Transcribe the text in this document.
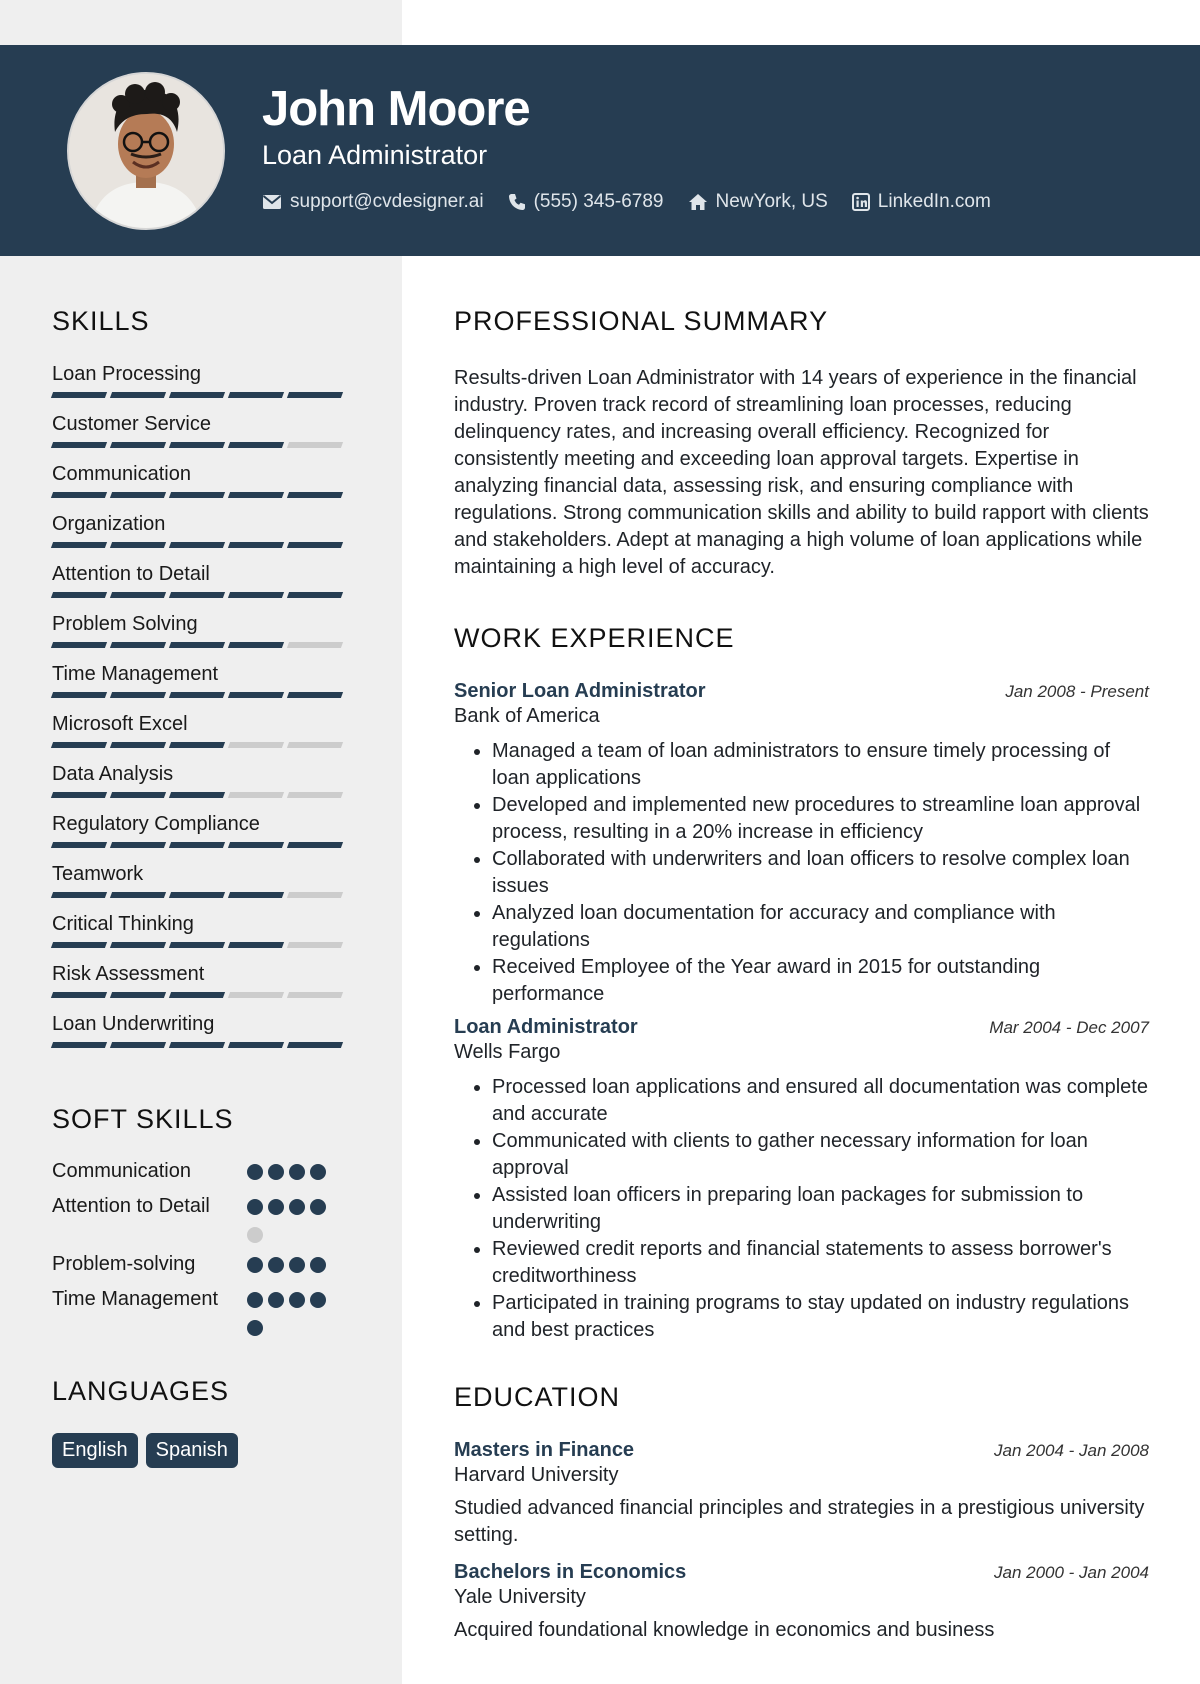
John Moore
Loan Administrator
support@cvdesigner.ai	(555) 345-6789	NewYork, US	LinkedIn.com
SKILLS
Loan Processing
Customer Service
Communication
Organization
Attention to Detail
Problem Solving
Time Management
Microsoft Excel
Data Analysis
Regulatory Compliance
Teamwork
Critical Thinking
Risk Assessment
Loan Underwriting
SOFT SKILLS
Communication
Attention to Detail
Problem-solving
Time Management
LANGUAGES
English	Spanish
PROFESSIONAL SUMMARY
Results-driven Loan Administrator with 14 years of experience in the financial industry. Proven track record of streamlining loan processes, reducing delinquency rates, and increasing overall efficiency. Recognized for consistently meeting and exceeding loan approval targets. Expertise in analyzing financial data, assessing risk, and ensuring compliance with regulations. Strong communication skills and ability to build rapport with clients and stakeholders. Adept at managing a high volume of loan applications while maintaining a high level of accuracy.
WORK EXPERIENCE
Senior Loan Administrator	Jan 2008 - Present
Bank of America
• Managed a team of loan administrators to ensure timely processing of loan applications
• Developed and implemented new procedures to streamline loan approval process, resulting in a 20% increase in efficiency
• Collaborated with underwriters and loan officers to resolve complex loan issues
• Analyzed loan documentation for accuracy and compliance with regulations
• Received Employee of the Year award in 2015 for outstanding performance
Loan Administrator	Mar 2004 - Dec 2007
Wells Fargo
• Processed loan applications and ensured all documentation was complete and accurate
• Communicated with clients to gather necessary information for loan approval
• Assisted loan officers in preparing loan packages for submission to underwriting
• Reviewed credit reports and financial statements to assess borrower's creditworthiness
• Participated in training programs to stay updated on industry regulations and best practices
EDUCATION
Masters in Finance	Jan 2004 - Jan 2008
Harvard University
Studied advanced financial principles and strategies in a prestigious university setting.
Bachelors in Economics	Jan 2000 - Jan 2004
Yale University
Acquired foundational knowledge in economics and business
